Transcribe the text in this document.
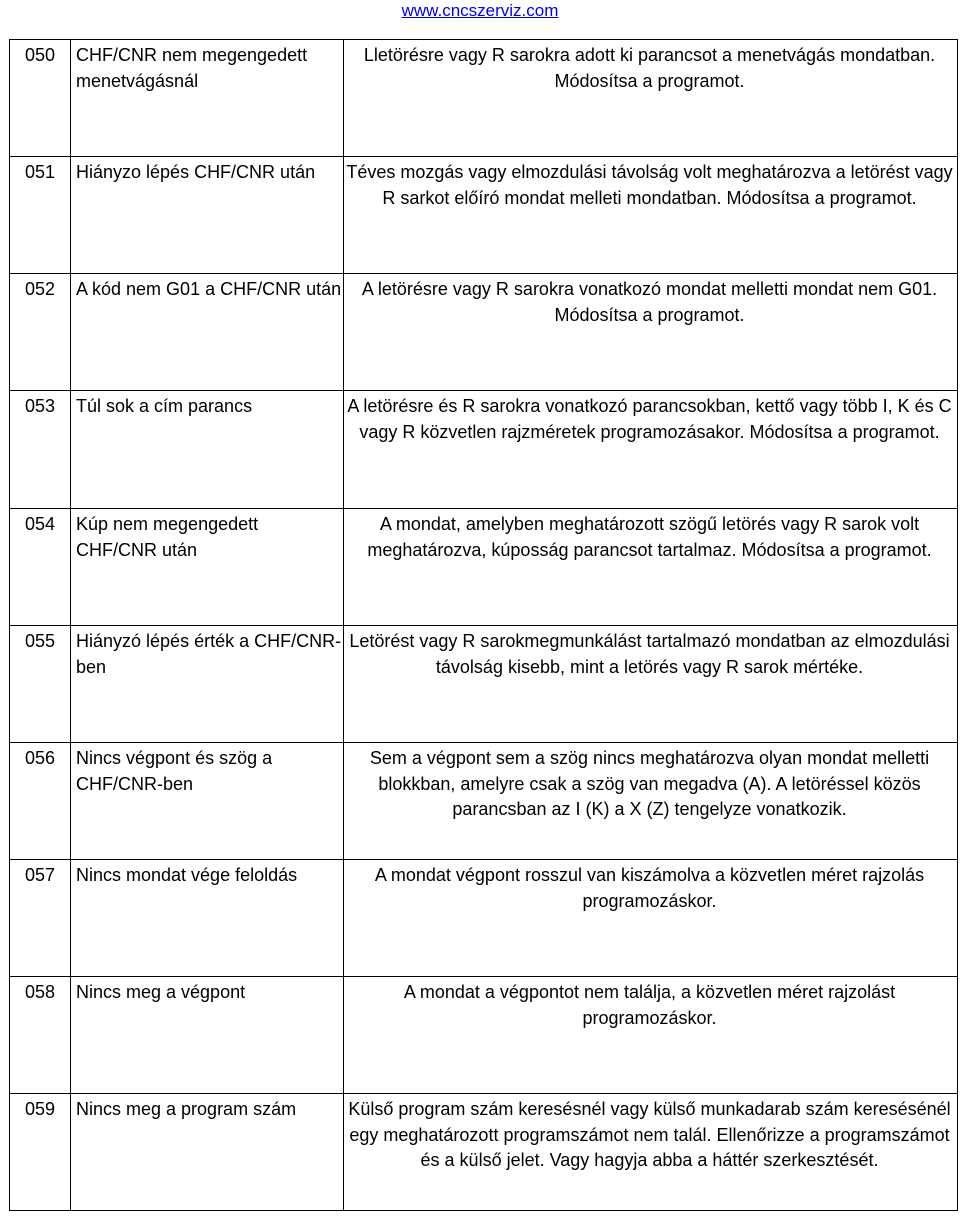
www.cncszerviz.com
050	CHF/CNR nem megengedett menetvágásnál	Lletörésre vagy R sarokra adott ki parancsot a menetvágás mondatban. Módosítsa a programot.
051	Hiányzo lépés CHF/CNR után	Téves mozgás vagy elmozdulási távolság volt meghatározva a letörést vagy R sarkot előíró mondat melleti mondatban. Módosítsa a programot.
052	A kód nem G01 a CHF/CNR után	A letörésre vagy R sarokra vonatkozó mondat melletti mondat nem G01. Módosítsa a programot.
053	Túl sok a cím parancs	A letörésre és R sarokra vonatkozó parancsokban, kettő vagy több I, K és C vagy R közvetlen rajzméretek programozásakor. Módosítsa a programot.
054	Kúp nem megengedett CHF/CNR után	A mondat, amelyben meghatározott szögű letörés vagy R sarok volt meghatározva, kúposság parancsot tartalmaz. Módosítsa a programot.
055	Hiányzó lépés érték a CHF/CNR-ben	Letörést vagy R sarokmegmunkálást tartalmazó mondatban az elmozdulási távolság kisebb, mint a letörés vagy R sarok mértéke.
056	Nincs végpont és szög a CHF/CNR-ben	Sem a végpont sem a szög nincs meghatározva olyan mondat melletti blokkban, amelyre csak a szög van megadva (A). A letöréssel közös parancsban az I (K) a X (Z) tengelyze vonatkozik.
057	Nincs mondat vége feloldás	A mondat végpont rosszul van kiszámolva a közvetlen méret rajzolás programozáskor.
058	Nincs meg a végpont	A mondat a végpontot nem találja, a közvetlen méret rajzolást programozáskor.
059	Nincs meg a program szám	Külső program szám keresésnél vagy külső munkadarab szám keresésénél egy meghatározott programszámot nem talál. Ellenőrizze a programszámot és a külső jelet. Vagy hagyja abba a háttér szerkesztését.
